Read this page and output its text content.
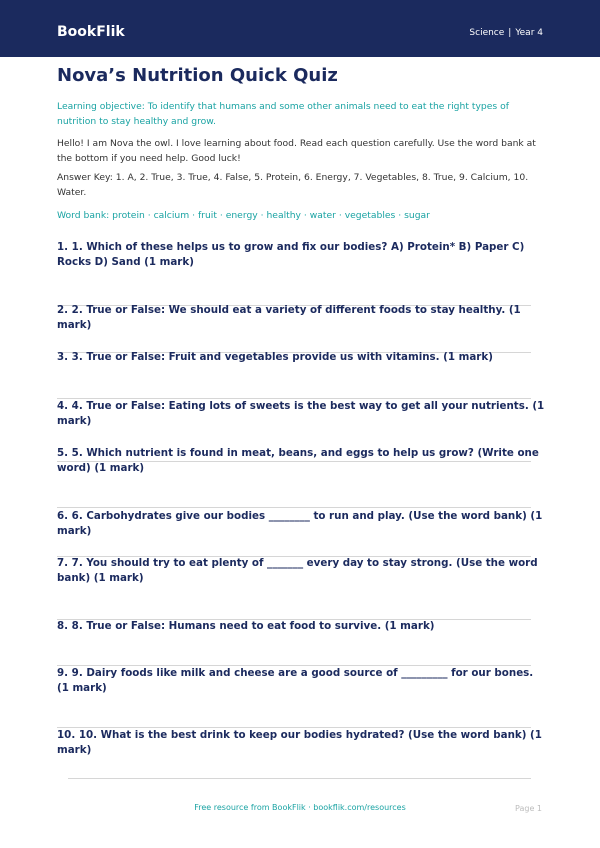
BookFlik	Science | Year 4
Nova’s Nutrition Quick Quiz

Learning objective: To identify that humans and some other animals need to eat the right types of nutrition to stay healthy and grow.

Hello! I am Nova the owl. I love learning about food. Read each question carefully. Use the word bank at the bottom if you need help. Good luck!

Answer Key: 1. A, 2. True, 3. True, 4. False, 5. Protein, 6. Energy, 7. Vegetables, 8. True, 9. Calcium, 10. Water.

Word bank: protein · calcium · fruit · energy · healthy · water · vegetables · sugar

1. 1. Which of these helps us to grow and fix our bodies? A) Protein* B) Paper C) Rocks D) Sand (1 mark)

2. 2. True or False: We should eat a variety of different foods to stay healthy. (1 mark)

3. 3. True or False: Fruit and vegetables provide us with vitamins. (1 mark)

4. 4. True or False: Eating lots of sweets is the best way to get all your nutrients. (1 mark)

5. 5. Which nutrient is found in meat, beans, and eggs to help us grow? (Write one word) (1 mark)

6. 6. Carbohydrates give our bodies ________ to run and play. (Use the word bank) (1 mark)

7. 7. You should try to eat plenty of _______ every day to stay strong. (Use the word bank) (1 mark)

8. 8. True or False: Humans need to eat food to survive. (1 mark)

9. 9. Dairy foods like milk and cheese are a good source of _________ for our bones. (1 mark)

10. 10. What is the best drink to keep our bodies hydrated? (Use the word bank) (1 mark)

Free resource from BookFlik · bookflik.com/resources	Page 1
